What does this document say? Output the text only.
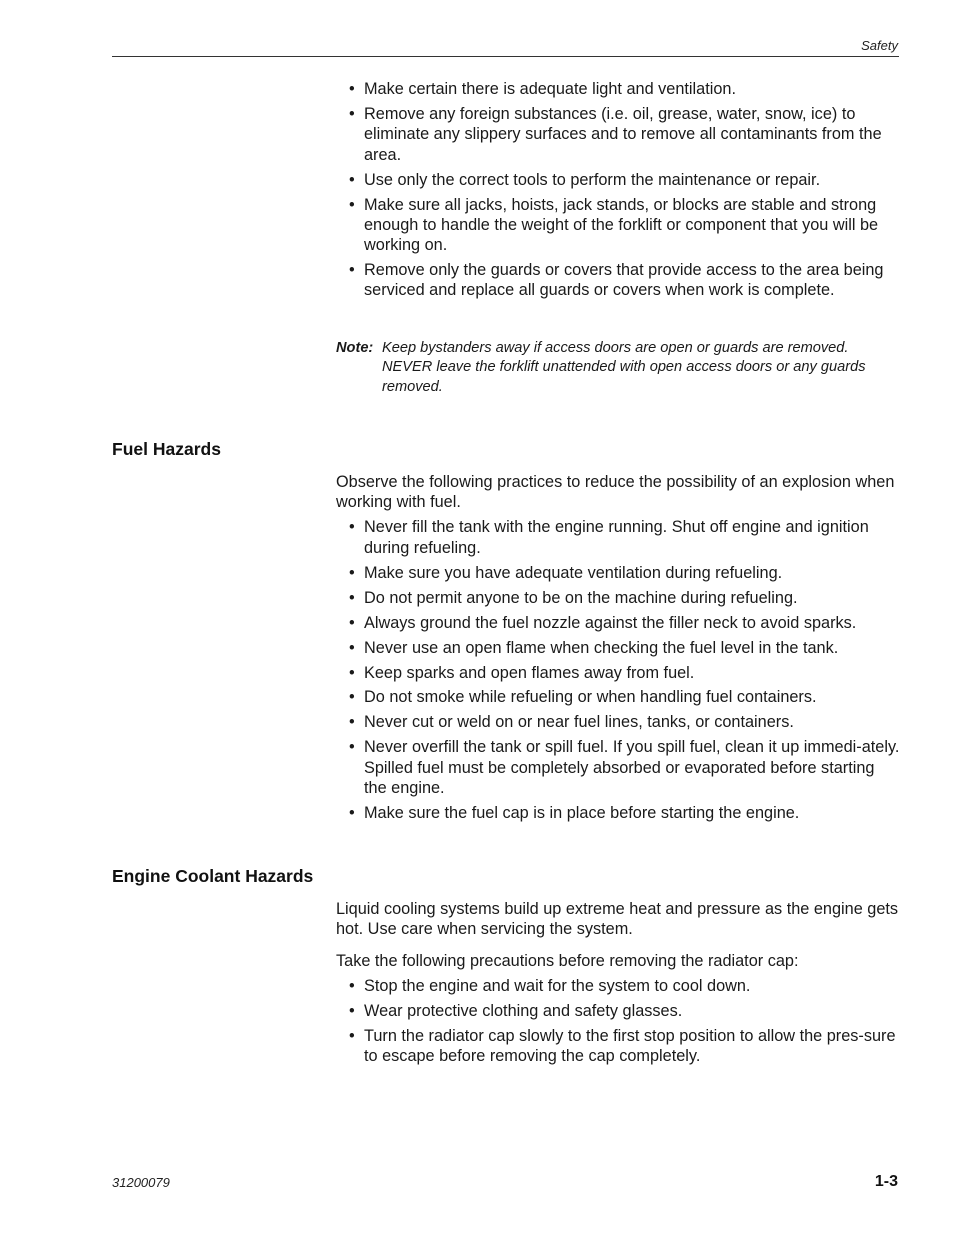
Safety
• Make certain there is adequate light and ventilation.
• Remove any foreign substances (i.e. oil, grease, water, snow, ice) to eliminate any slippery surfaces and to remove all contaminants from the area.
• Use only the correct tools to perform the maintenance or repair.
• Make sure all jacks, hoists, jack stands, or blocks are stable and strong enough to handle the weight of the forklift or component that you will be working on.
• Remove only the guards or covers that provide access to the area being serviced and replace all guards or covers when work is complete.
Note: Keep bystanders away if access doors are open or guards are removed. NEVER leave the forklift unattended with open access doors or any guards removed.
Fuel Hazards

Observe the following practices to reduce the possibility of an explosion when working with fuel.

• Never fill the tank with the engine running. Shut off engine and ignition during refueling.
• Make sure you have adequate ventilation during refueling.
• Do not permit anyone to be on the machine during refueling.
• Always ground the fuel nozzle against the filler neck to avoid sparks.
• Never use an open flame when checking the fuel level in the tank.
• Keep sparks and open flames away from fuel.
• Do not smoke while refueling or when handling fuel containers.
• Never cut or weld on or near fuel lines, tanks, or containers.
• Never overfill the tank or spill fuel. If you spill fuel, clean it up immedi-ately. Spilled fuel must be completely absorbed or evaporated before starting the engine.
• Make sure the fuel cap is in place before starting the engine.
Engine Coolant Hazards

Liquid cooling systems build up extreme heat and pressure as the engine gets hot. Use care when servicing the system.

Take the following precautions before removing the radiator cap:

• Stop the engine and wait for the system to cool down.
• Wear protective clothing and safety glasses.
• Turn the radiator cap slowly to the first stop position to allow the pres-sure to escape before removing the cap completely.
31200079	1-3
